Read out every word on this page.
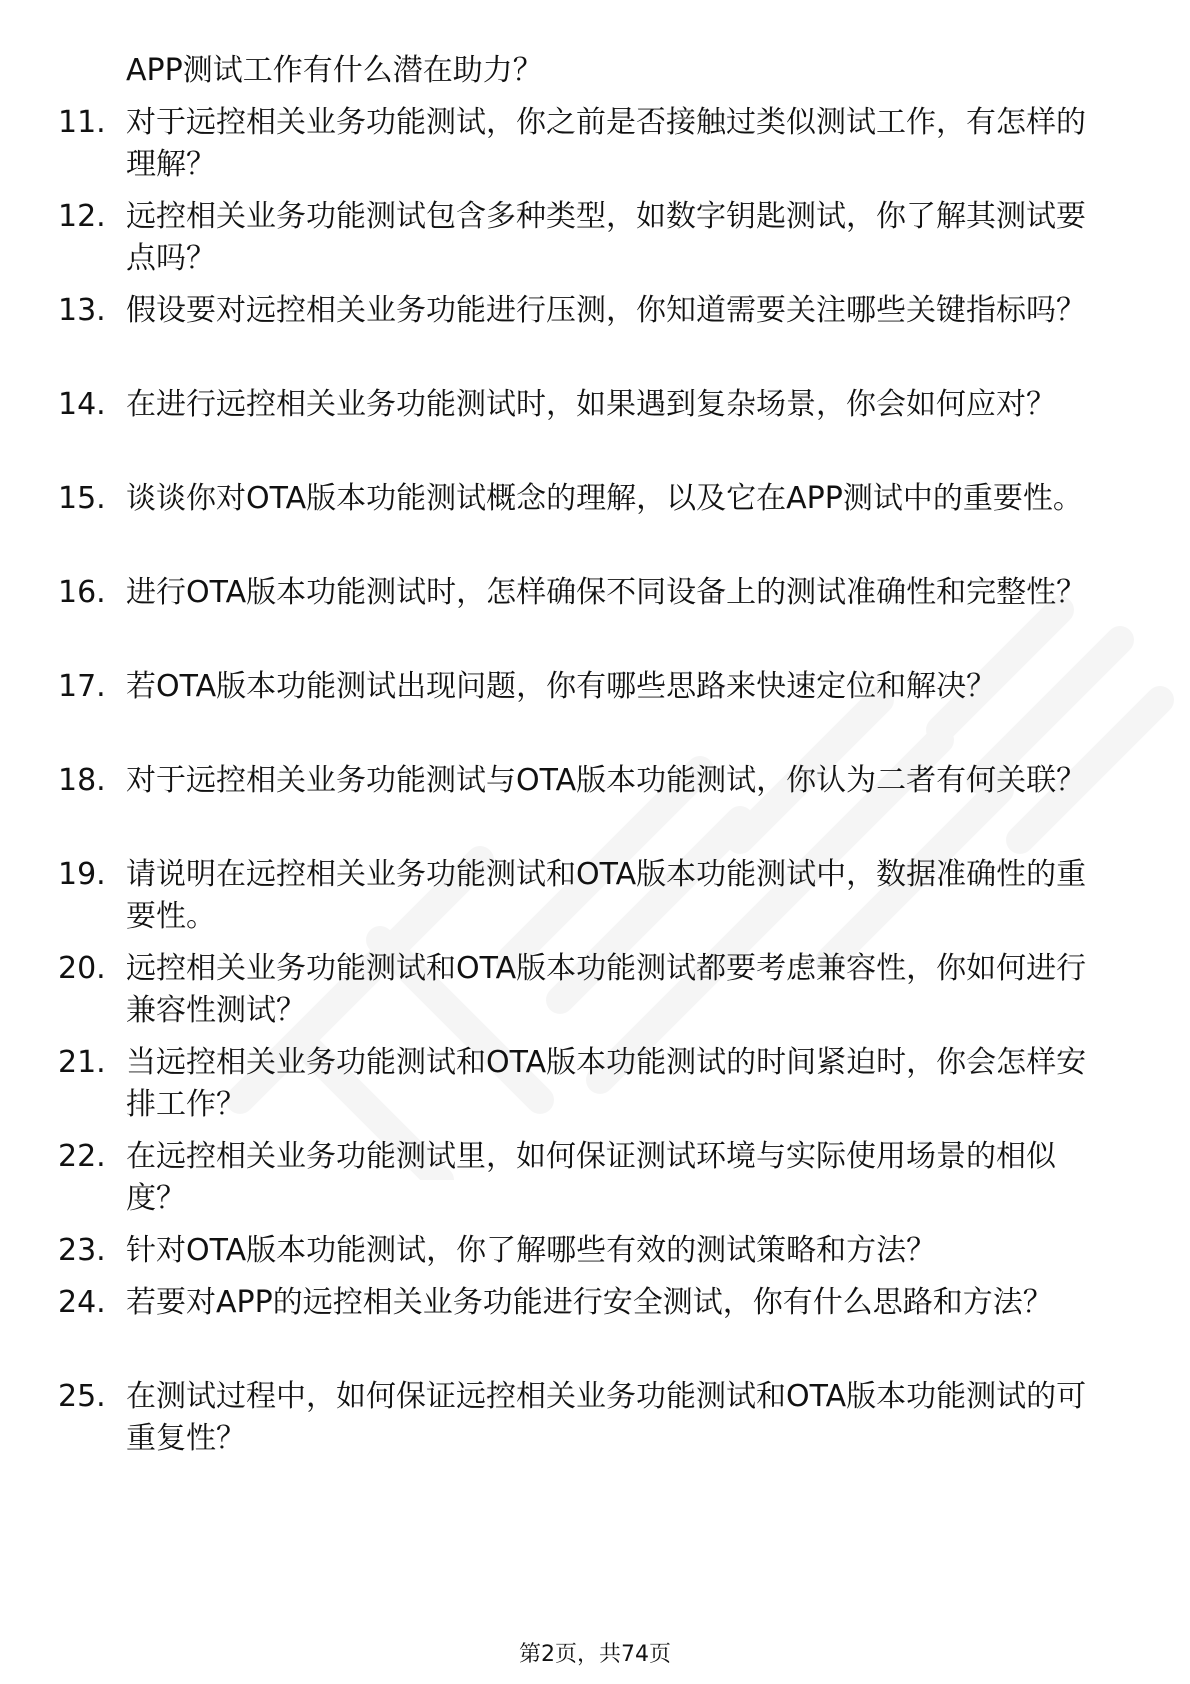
APP测试工作有什么潜在助力？

11. 对于远控相关业务功能测试，你之前是否接触过类似测试工作，有怎样的理解？
12. 远控相关业务功能测试包含多种类型，如数字钥匙测试，你了解其测试要点吗？
13. 假设要对远控相关业务功能进行压测，你知道需要关注哪些关键指标吗？
14. 在进行远控相关业务功能测试时，如果遇到复杂场景，你会如何应对？
15. 谈谈你对OTA版本功能测试概念的理解，以及它在APP测试中的重要性。
16. 进行OTA版本功能测试时，怎样确保不同设备上的测试准确性和完整性？
17. 若OTA版本功能测试出现问题，你有哪些思路来快速定位和解决？
18. 对于远控相关业务功能测试与OTA版本功能测试，你认为二者有何关联？
19. 请说明在远控相关业务功能测试和OTA版本功能测试中，数据准确性的重要性。
20. 远控相关业务功能测试和OTA版本功能测试都要考虑兼容性，你如何进行兼容性测试？
21. 当远控相关业务功能测试和OTA版本功能测试的时间紧迫时，你会怎样安排工作？
22. 在远控相关业务功能测试里，如何保证测试环境与实际使用场景的相似度？
23. 针对OTA版本功能测试，你了解哪些有效的测试策略和方法？
24. 若要对APP的远控相关业务功能进行安全测试，你有什么思路和方法？
25. 在测试过程中，如何保证远控相关业务功能测试和OTA版本功能测试的可重复性？
第2页，共74页
